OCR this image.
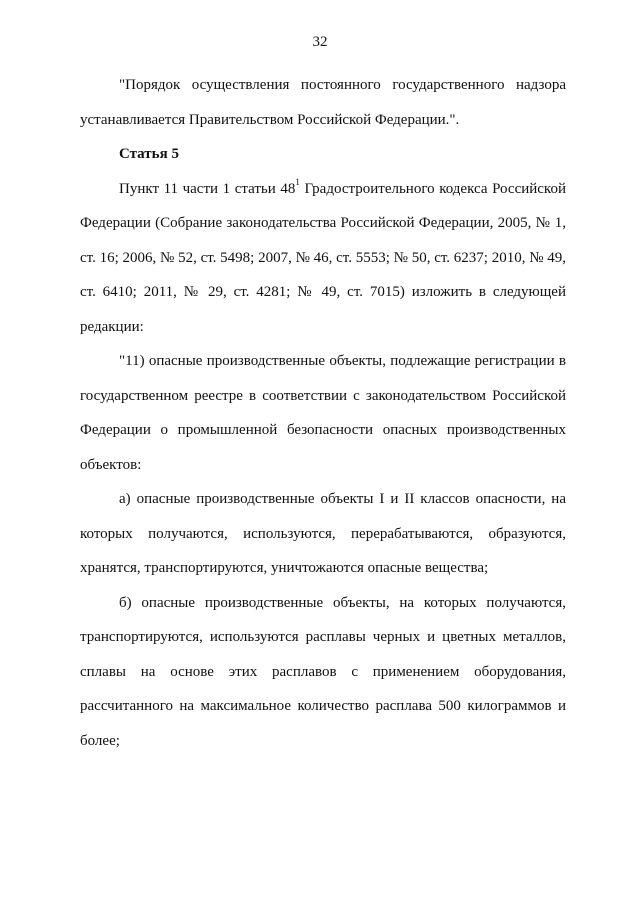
32

"Порядок осуществления постоянного государственного надзора устанавливается Правительством Российской Федерации.".

Статья 5

Пункт 11 части 1 статьи $48^1$ Градостроительного кодекса Российской Федерации (Собрание законодательства Российской Федерации, 2005, № 1, ст. 16; 2006, № 52, ст. 5498; 2007, № 46, ст. 5553; № 50, ст. 6237; 2010, № 49, ст. 6410; 2011, № 29, ст. 4281; № 49, ст. 7015) изложить в следующей редакции:

"11) опасные производственные объекты, подлежащие регистрации в государственном реестре в соответствии с законодательством Российской Федерации о промышленной безопасности опасных производственных объектов:

а) опасные производственные объекты I и II классов опасности, на которых получаются, используются, перерабатываются, образуются, хранятся, транспортируются, уничтожаются опасные вещества;

б) опасные производственные объекты, на которых получаются, транспортируются, используются расплавы черных и цветных металлов, сплавы на основе этих расплавов с применением оборудования, рассчитанного на максимальное количество расплава 500 килограммов и более;
